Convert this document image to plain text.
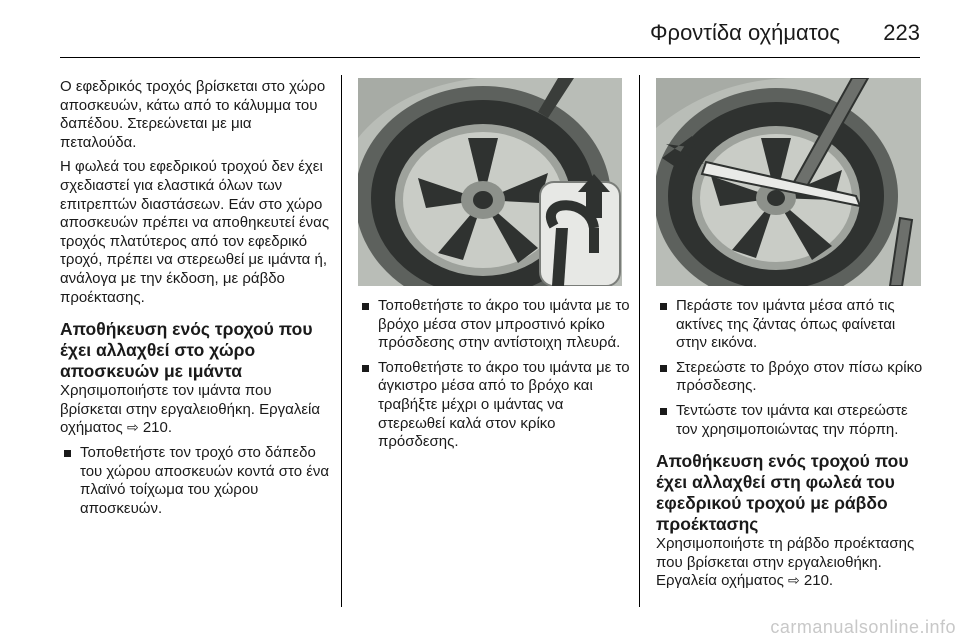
Φροντίδα οχήματος 223

Ο εφεδρικός τροχός βρίσκεται στο χώρο αποσκευών, κάτω από το κάλυμμα του δαπέδου. Στερεώνεται με μια πεταλούδα.

Η φωλεά του εφεδρικού τροχού δεν έχει σχεδιαστεί για ελαστικά όλων των επιτρεπτών διαστάσεων. Εάν στο χώρο αποσκευών πρέπει να αποθηκευτεί ένας τροχός πλατύτερος από τον εφεδρικό τροχό, πρέπει να στερεωθεί με ιμάντα ή, ανάλογα με την έκδοση, με ράβδο προέκτασης.

Αποθήκευση ενός τροχού που έχει αλλαχθεί στο χώρο αποσκευών με ιμάντα

Χρησιμοποιήστε τον ιμάντα που βρίσκεται στην εργαλειοθήκη. Εργαλεία οχήματος ⇨ 210.

Τοποθετήστε τον τροχό στο δάπεδο του χώρου αποσκευών κοντά στο ένα πλαϊνό τοίχωμα του χώρου αποσκευών.
Τοποθετήστε το άκρο του ιμάντα με το βρόχο μέσα στον μπροστινό κρίκο πρόσδεσης στην αντίστοιχη πλευρά.
Τοποθετήστε το άκρο του ιμάντα με το άγκιστρο μέσα από το βρόχο και τραβήξτε μέχρι ο ιμάντας να στερεωθεί καλά στον κρίκο πρόσδεσης.
Περάστε τον ιμάντα μέσα από τις ακτίνες της ζάντας όπως φαίνεται στην εικόνα.
Στερεώστε το βρόχο στον πίσω κρίκο πρόσδεσης.
Τεντώστε τον ιμάντα και στερεώστε τον χρησιμοποιώντας την πόρπη.
Αποθήκευση ενός τροχού που έχει αλλαχθεί στη φωλεά του εφεδρικού τροχού με ράβδο προέκτασης

Χρησιμοποιήστε τη ράβδο προέκτασης που βρίσκεται στην εργαλειοθήκη. Εργαλεία οχήματος ⇨ 210.

carmanualsonline.info
